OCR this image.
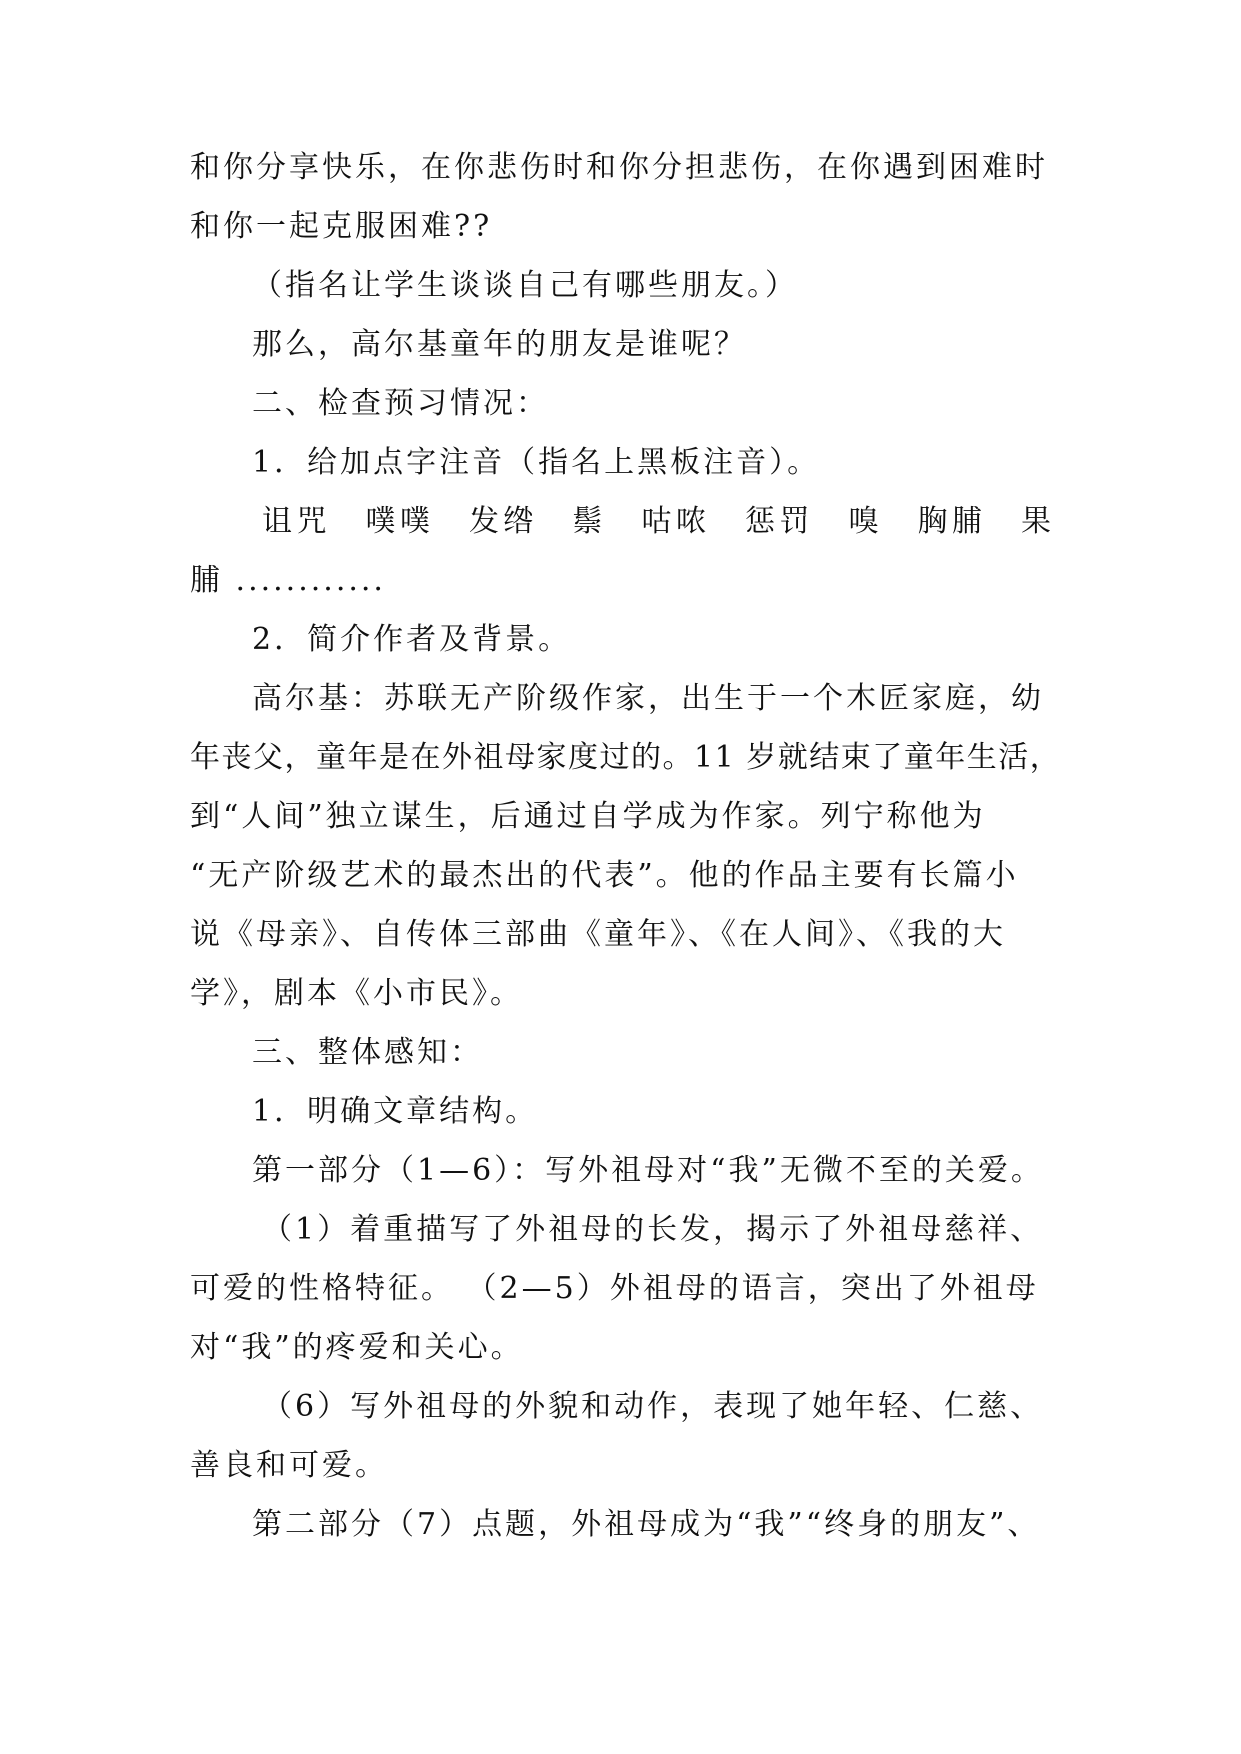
和你分享快乐，在你悲伤时和你分担悲伤，在你遇到困难时

和你一起克服困难??

（指名让学生谈谈自己有哪些朋友。）

那么，高尔基童年的朋友是谁呢？

二、检查预习情况：

1．给加点字注音（指名上黑板注音）。

诅咒　噗噗　发绺　鬃　咕哝　惩罚　嗅　胸脯　果

脯 ............

2．简介作者及背景。

高尔基：苏联无产阶级作家，出生于一个木匠家庭，幼

年丧父，童年是在外祖母家度过的。11 岁就结束了童年生活，

到“人间”独立谋生，后通过自学成为作家。列宁称他为

“无产阶级艺术的最杰出的代表”。他的作品主要有长篇小

说《母亲》、自传体三部曲《童年》、《在人间》、《我的大

学》，剧本《小市民》。

三、整体感知：

1．明确文章结构。

第一部分（1—6）：写外祖母对“我”无微不至的关爱。

（1）着重描写了外祖母的长发，揭示了外祖母慈祥、

可爱的性格特征。 （2—5）外祖母的语言，突出了外祖母

对“我”的疼爱和关心。

（6）写外祖母的外貌和动作，表现了她年轻、仁慈、

善良和可爱。

第二部分（7）点题，外祖母成为“我”“终身的朋友”、
